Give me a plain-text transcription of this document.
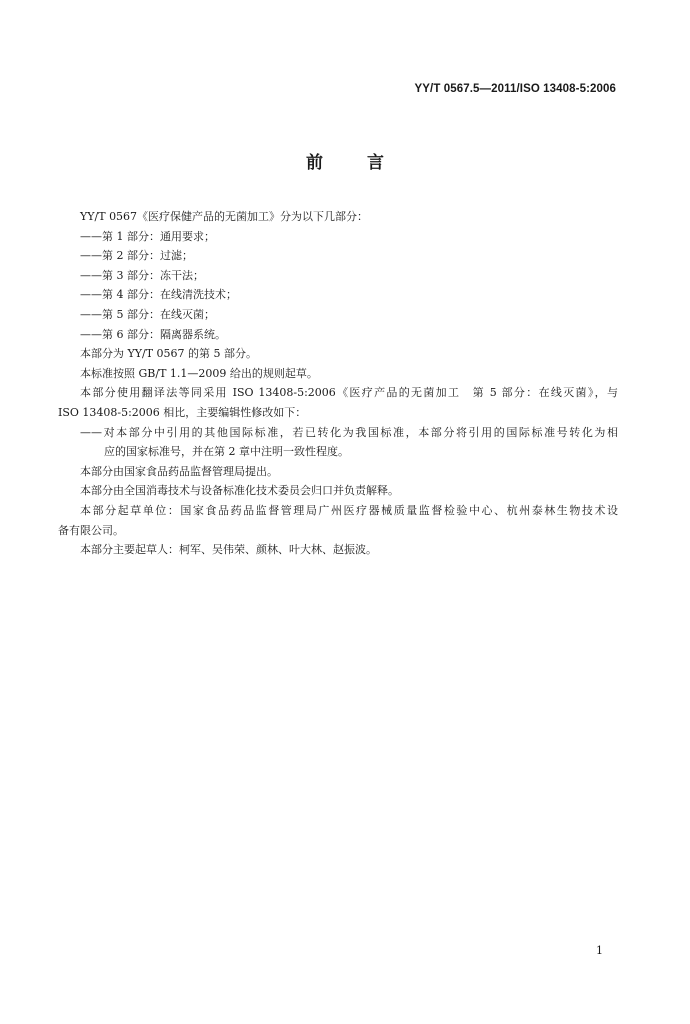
YY/T 0567.5—2011/ISO 13408-5:2006
前言
YY/T 0567《医疗保健产品的无菌加工》分为以下几部分：
——第 1 部分：通用要求；
——第 2 部分：过滤；
——第 3 部分：冻干法；
——第 4 部分：在线清洗技术；
——第 5 部分：在线灭菌；
——第 6 部分：隔离器系统。
本部分为 YY/T 0567 的第 5 部分。
本标准按照 GB/T 1.1—2009 给出的规则起草。
本部分使用翻译法等同采用 ISO 13408-5:2006《医疗产品的无菌加工　第 5 部分：在线灭菌》，与
ISO 13408-5:2006 相比，主要编辑性修改如下：
——对本部分中引用的其他国际标准，若已转化为我国标准，本部分将引用的国际标准号转化为相
应的国家标准号，并在第 2 章中注明一致性程度。
本部分由国家食品药品监督管理局提出。
本部分由全国消毒技术与设备标准化技术委员会归口并负责解释。
本部分起草单位：国家食品药品监督管理局广州医疗器械质量监督检验中心、杭州泰林生物技术设
备有限公司。
本部分主要起草人：柯军、吴伟荣、颜林、叶大林、赵振波。
1
